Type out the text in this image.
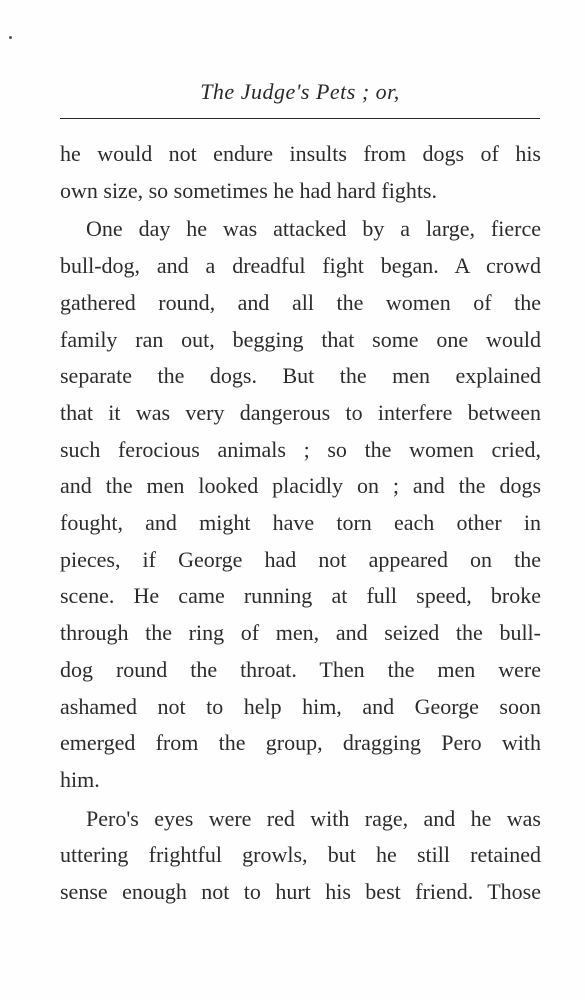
The Judge's Pets ; or,

he would not endure insults from dogs of his
own size, so sometimes he had hard fights.

One day he was attacked by a large, fierce
bull-dog, and a dreadful fight began. A crowd
gathered round, and all the women of the
family ran out, begging that some one would
separate the dogs. But the men explained
that it was very dangerous to interfere between
such ferocious animals ; so the women cried,
and the men looked placidly on ; and the dogs
fought, and might have torn each other in
pieces, if George had not appeared on the
scene. He came running at full speed, broke
through the ring of men, and seized the bull-
dog round the throat. Then the men were
ashamed not to help him, and George soon
emerged from the group, dragging Pero with
him.

Pero's eyes were red with rage, and he was
uttering frightful growls, but he still retained
sense enough not to hurt his best friend. Those
